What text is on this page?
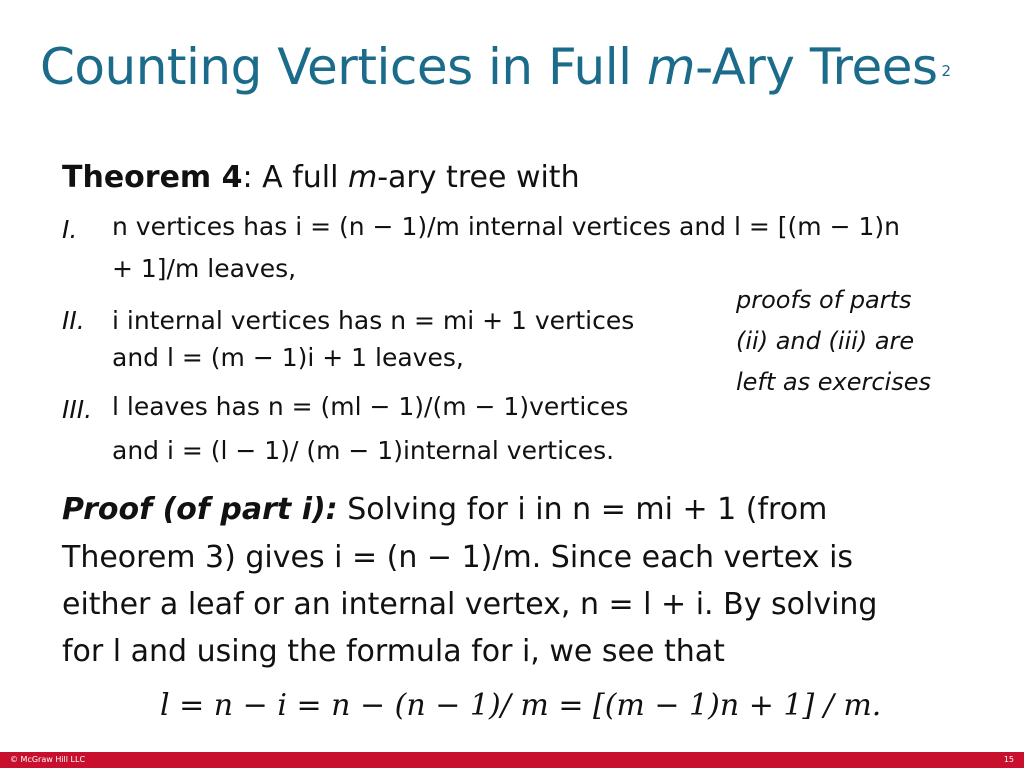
Counting Vertices in Full m-Ary Trees $_2$
Theorem 4: A full m-ary tree with
I. n vertices has i = (n − 1)/m internal vertices and l = [(m − 1)n
+ 1]/m leaves,
II. i internal vertices has n = mi + 1 vertices
and l = (m − 1)i + 1 leaves,
III. l leaves has n = (ml − 1)/(m − 1)vertices
and i = (l − 1)/ (m − 1)internal vertices.
proofs of parts
(ii) and (iii) are
left as exercises
Proof (of part i): Solving for i in n = mi + 1 (from
Theorem 3) gives i = (n − 1)/m. Since each vertex is
either a leaf or an internal vertex, n = l + i. By solving
for l and using the formula for i, we see that
l = n − i = n − (n − 1)/ m = [(m − 1)n + 1] / m.
© McGraw Hill LLC	15
